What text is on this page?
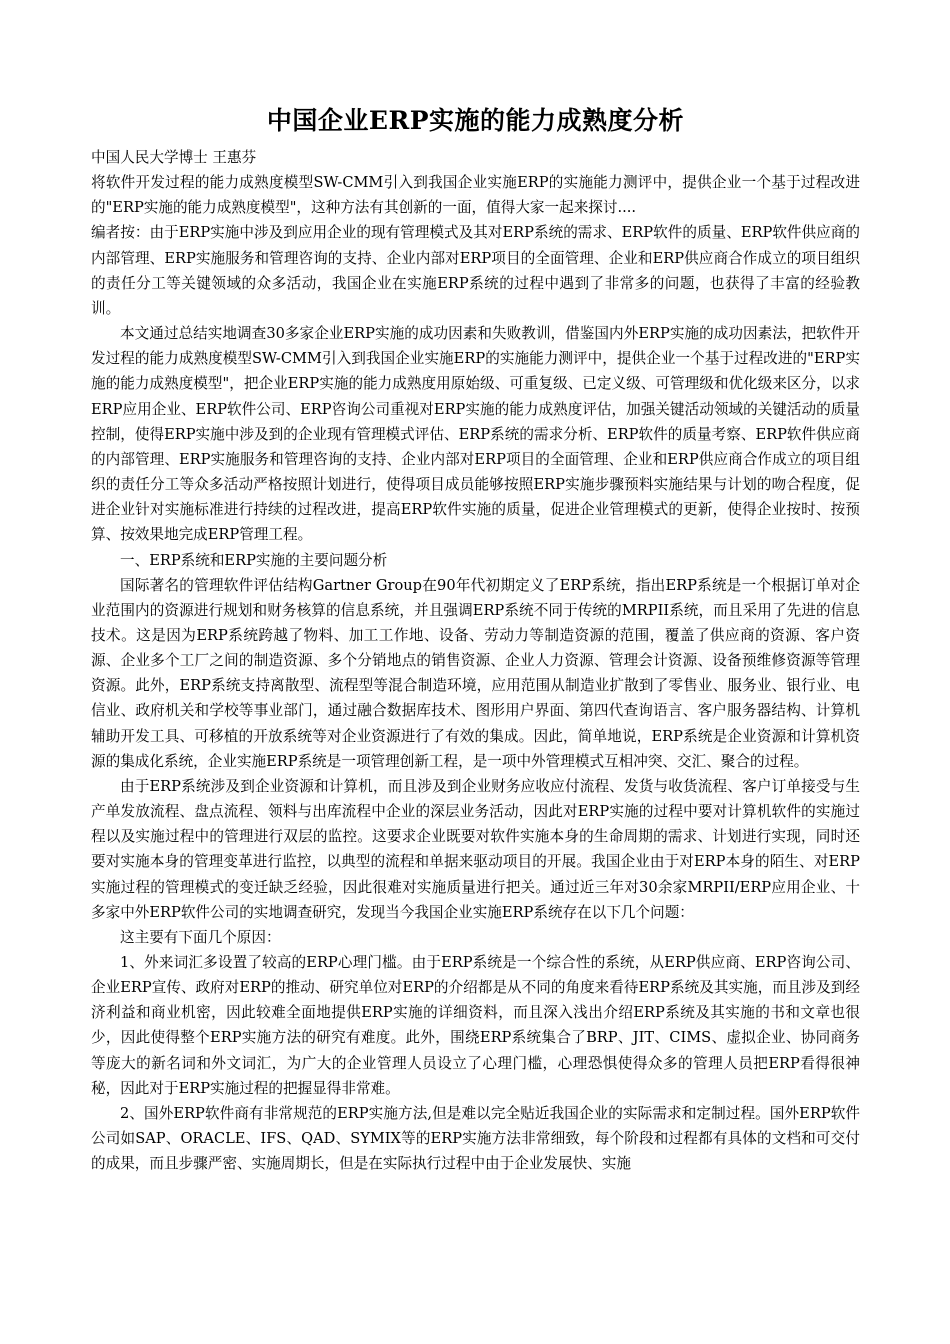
中国企业ERP实施的能力成熟度分析

中国人民大学博士 王惠芬

将软件开发过程的能力成熟度模型SW-CMM引入到我国企业实施ERP的实施能力测评中，提供企业一个基于过程改进的"ERP实施的能力成熟度模型"，这种方法有其创新的一面，值得大家一起来探讨....

编者按：由于ERP实施中涉及到应用企业的现有管理模式及其对ERP系统的需求、ERP软件的质量、ERP软件供应商的内部管理、ERP实施服务和管理咨询的支持、企业内部对ERP项目的全面管理、企业和ERP供应商合作成立的项目组织的责任分工等关键领域的众多活动，我国企业在实施ERP系统的过程中遇到了非常多的问题，也获得了丰富的经验教训。

本文通过总结实地调查30多家企业ERP实施的成功因素和失败教训，借鉴国内外ERP实施的成功因素法，把软件开发过程的能力成熟度模型SW-CMM引入到我国企业实施ERP的实施能力测评中，提供企业一个基于过程改进的"ERP实施的能力成熟度模型"，把企业ERP实施的能力成熟度用原始级、可重复级、已定义级、可管理级和优化级来区分，以求ERP应用企业、ERP软件公司、ERP咨询公司重视对ERP实施的能力成熟度评估，加强关键活动领域的关键活动的质量控制，使得ERP实施中涉及到的企业现有管理模式评估、ERP系统的需求分析、ERP软件的质量考察、ERP软件供应商的内部管理、ERP实施服务和管理咨询的支持、企业内部对ERP项目的全面管理、企业和ERP供应商合作成立的项目组织的责任分工等众多活动严格按照计划进行，使得项目成员能够按照ERP实施步骤预料实施结果与计划的吻合程度，促进企业针对实施标准进行持续的过程改进，提高ERP软件实施的质量，促进企业管理模式的更新，使得企业按时、按预算、按效果地完成ERP管理工程。

一、ERP系统和ERP实施的主要问题分析

国际著名的管理软件评估结构Gartner Group在90年代初期定义了ERP系统，指出ERP系统是一个根据订单对企业范围内的资源进行规划和财务核算的信息系统，并且强调ERP系统不同于传统的MRPII系统，而且采用了先进的信息技术。这是因为ERP系统跨越了物料、加工工作地、设备、劳动力等制造资源的范围，覆盖了供应商的资源、客户资源、企业多个工厂之间的制造资源、多个分销地点的销售资源、企业人力资源、管理会计资源、设备预维修资源等管理资源。此外，ERP系统支持离散型、流程型等混合制造环境，应用范围从制造业扩散到了零售业、服务业、银行业、电信业、政府机关和学校等事业部门，通过融合数据库技术、图形用户界面、第四代查询语言、客户服务器结构、计算机辅助开发工具、可移植的开放系统等对企业资源进行了有效的集成。因此，简单地说，ERP系统是企业资源和计算机资源的集成化系统，企业实施ERP系统是一项管理创新工程，是一项中外管理模式互相冲突、交汇、聚合的过程。

由于ERP系统涉及到企业资源和计算机，而且涉及到企业财务应收应付流程、发货与收货流程、客户订单接受与生产单发放流程、盘点流程、领料与出库流程中企业的深层业务活动，因此对ERP实施的过程中要对计算机软件的实施过程以及实施过程中的管理进行双层的监控。这要求企业既要对软件实施本身的生命周期的需求、计划进行实现，同时还要对实施本身的管理变革进行监控，以典型的流程和单据来驱动项目的开展。我国企业由于对ERP本身的陌生、对ERP实施过程的管理模式的变迁缺乏经验，因此很难对实施质量进行把关。通过近三年对30余家MRPII/ERP应用企业、十多家中外ERP软件公司的实地调查研究，发现当今我国企业实施ERP系统存在以下几个问题：

这主要有下面几个原因：

1、外来词汇多设置了较高的ERP心理门槛。由于ERP系统是一个综合性的系统，从ERP供应商、ERP咨询公司、企业ERP宣传、政府对ERP的推动、研究单位对ERP的介绍都是从不同的角度来看待ERP系统及其实施，而且涉及到经济利益和商业机密，因此较难全面地提供ERP实施的详细资料，而且深入浅出介绍ERP系统及其实施的书和文章也很少，因此使得整个ERP实施方法的研究有难度。此外，围绕ERP系统集合了BRP、JIT、CIMS、虚拟企业、协同商务等庞大的新名词和外文词汇，为广大的企业管理人员设立了心理门槛，心理恐惧使得众多的管理人员把ERP看得很神秘，因此对于ERP实施过程的把握显得非常难。

2、国外ERP软件商有非常规范的ERP实施方法,但是难以完全贴近我国企业的实际需求和定制过程。国外ERP软件公司如SAP、ORACLE、IFS、QAD、SYMIX等的ERP实施方法非常细致，每个阶段和过程都有具体的文档和可交付的成果，而且步骤严密、实施周期长，但是在实际执行过程中由于企业发展快、实施
